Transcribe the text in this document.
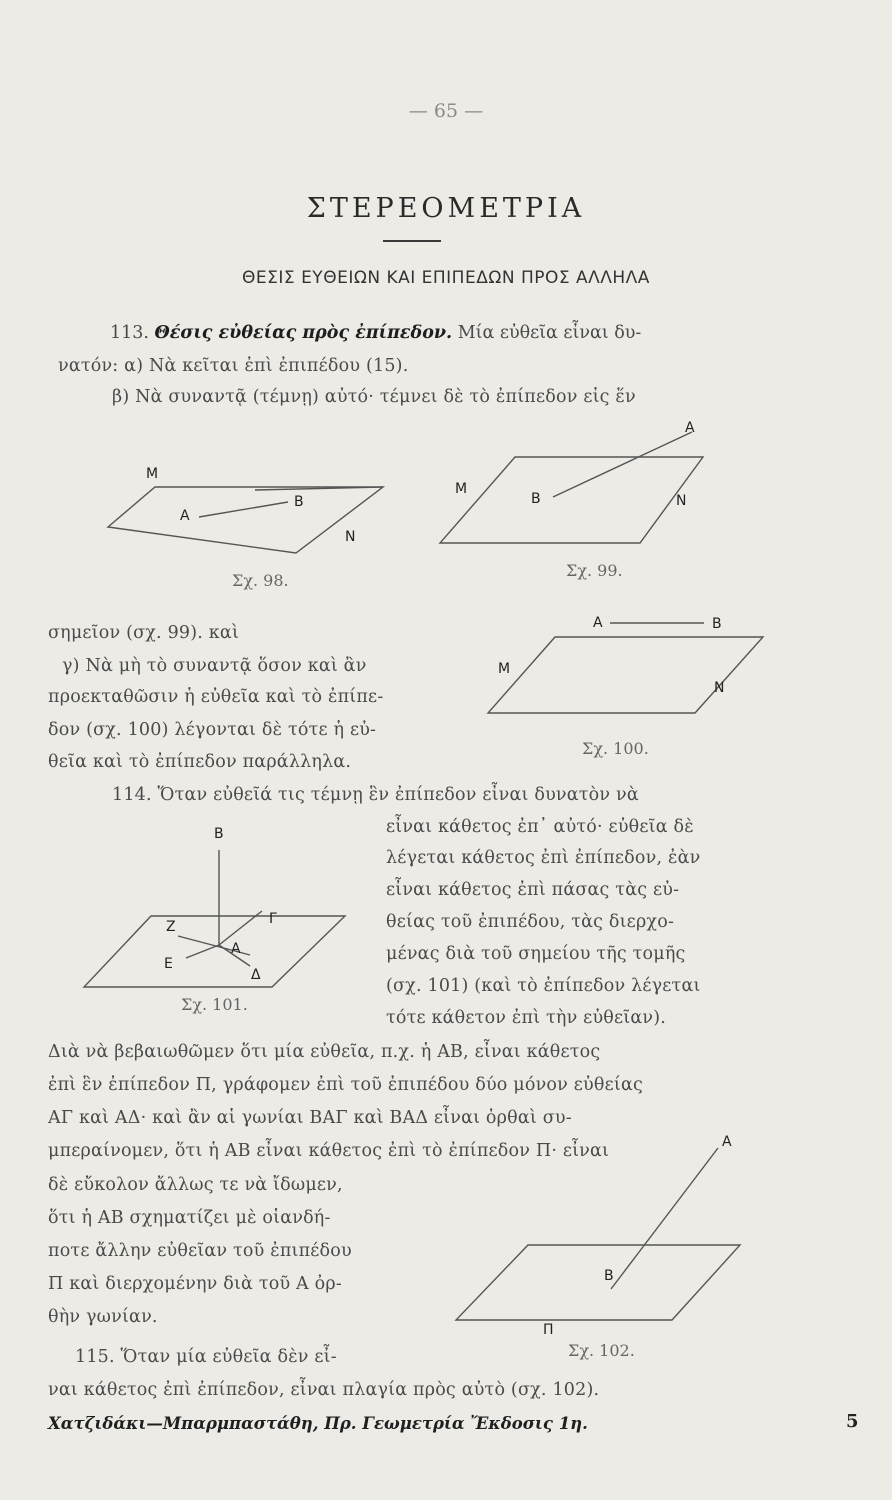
— 65 —
ΣΤΕΡΕΟΜΕΤΡΙΑ
ΘΕΣΙΣ ΕΥΘΕΙΩΝ ΚΑΙ ΕΠΙΠΕΔΩΝ ΠΡΟΣ ΑΛΛΗΛΑ
113. Θέσις εὐθείας πρὸς ἐπίπεδον. Μία εὐθεῖα εἶναι δυ-
νατόν: α) Νὰ κεῖται ἐπὶ ἐπιπέδου (15).
β) Νὰ συναντᾷ (τέμνῃ) αὐτό· τέμνει δὲ τὸ ἐπίπεδον εἰς ἕν
M
A
B
N
Σχ. 98.
M
B	N
A
Σχ. 99.
σημεῖον (σχ. 99). καὶ
γ) Νὰ μὴ τὸ συναντᾷ ὅσον καὶ ἂν
προεκταθῶσιν ἡ εὐθεῖα καὶ τὸ ἐπίπε-
δον (σχ. 100) λέγονται δὲ τότε ἡ εὐ-
θεῖα καὶ τὸ ἐπίπεδον παράλληλα.
A	B
M
N
Σχ. 100.
114. Ὅταν εὐθεῖά τις τέμνῃ ἓν ἐπίπεδον εἶναι δυνατὸν νὰ
εἶναι κάθετος ἐπ᾽ αὐτό· εὐθεῖα δὲ
λέγεται κάθετος ἐπὶ ἐπίπεδον, ἐὰν
εἶναι κάθετος ἐπὶ πάσας τὰς εὐ-
θείας τοῦ ἐπιπέδου, τὰς διερχο-
μένας διὰ τοῦ σημείου τῆς τομῆς
(σχ. 101) (καὶ τὸ ἐπίπεδον λέγεται
τότε κάθετον ἐπὶ τὴν εὐθεῖαν).
B
Γ
Z
A
E
Δ
Σχ. 101.
Διὰ νὰ βεβαιωθῶμεν ὅτι μία εὐθεῖα, π.χ. ἡ ΑΒ, εἶναι κάθετος
ἐπὶ ἓν ἐπίπεδον Π, γράφομεν ἐπὶ τοῦ ἐπιπέδου δύο μόνον εὐθείας
ΑΓ καὶ ΑΔ· καὶ ἂν αἱ γωνίαι ΒΑΓ καὶ ΒΑΔ εἶναι ὀρθαὶ συ-
μπεραίνομεν, ὅτι ἡ ΑΒ εἶναι κάθετος ἐπὶ τὸ ἐπίπεδον Π· εἶναι
δὲ εὔκολον ἄλλως τε νὰ ἴδωμεν,
ὅτι ἡ ΑΒ σχηματίζει μὲ οἱανδή-
ποτε ἄλλην εὐθεῖαν τοῦ ἐπιπέδου
Π καὶ διερχομένην διὰ τοῦ Α ὀρ-
θὴν γωνίαν.
A
B
Π
Σχ. 102.
115. Ὅταν μία εὐθεῖα δὲν εἶ-
ναι κάθετος ἐπὶ ἐπίπεδον, εἶναι πλαγία πρὸς αὐτὸ (σχ. 102).
Χατζιδάκι—Μπαρμπαστάθη, Πρ. Γεωμετρία Ἔκδοσις 1η.	5
